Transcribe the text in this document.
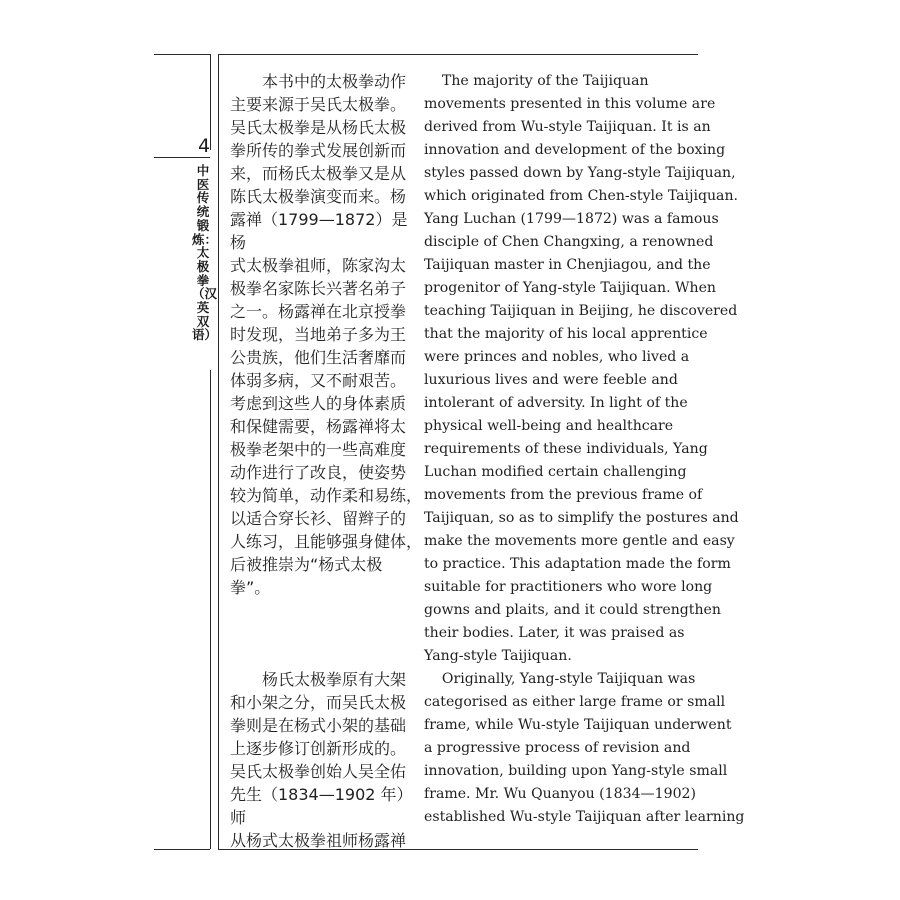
4

中医传统锻炼：太极拳（汉英双语）

　　本书中的太极拳动作
主要来源于吴氏太极拳。
吴氏太极拳是从杨氏太极
拳所传的拳式发展创新而
来，而杨氏太极拳又是从
陈氏太极拳演变而来。杨
露禅（1799—1872）是杨
式太极拳祖师，陈家沟太
极拳名家陈长兴著名弟子
之一。杨露禅在北京授拳
时发现，当地弟子多为王
公贵族，他们生活奢靡而
体弱多病，又不耐艰苦。
考虑到这些人的身体素质
和保健需要，杨露禅将太
极拳老架中的一些高难度
动作进行了改良，使姿势
较为简单，动作柔和易练，
以适合穿长衫、留辫子的
人练习，且能够强身健体，
后被推崇为“杨式太极拳”。

The majority of the Taijiquan
movements presented in this volume are
derived from Wu-style Taijiquan. It is an
innovation and development of the boxing
styles passed down by Yang-style Taijiquan,
which originated from Chen-style Taijiquan.
Yang Luchan (1799—1872) was a famous
disciple of Chen Changxing, a renowned
Taijiquan master in Chenjiagou, and the
progenitor of Yang-style Taijiquan. When
teaching Taijiquan in Beijing, he discovered
that the majority of his local apprentice
were princes and nobles, who lived a
luxurious lives and were feeble and
intolerant of adversity. In light of the
physical well-being and healthcare
requirements of these individuals, Yang
Luchan modified certain challenging
movements from the previous frame of
Taijiquan, so as to simplify the postures and
make the movements more gentle and easy
to practice. This adaptation made the form
suitable for practitioners who wore long
gowns and plaits, and it could strengthen
their bodies. Later, it was praised as
Yang-style Taijiquan.

　　杨氏太极拳原有大架
和小架之分，而吴氏太极
拳则是在杨式小架的基础
上逐步修订创新形成的。
吴氏太极拳创始人吴全佑
先生（1834—1902 年）师
从杨式太极拳祖师杨露禅

Originally, Yang-style Taijiquan was
categorised as either large frame or small
frame, while Wu-style Taijiquan underwent
a progressive process of revision and
innovation, building upon Yang-style small
frame. Mr. Wu Quanyou (1834—1902)
established Wu-style Taijiquan after learning
